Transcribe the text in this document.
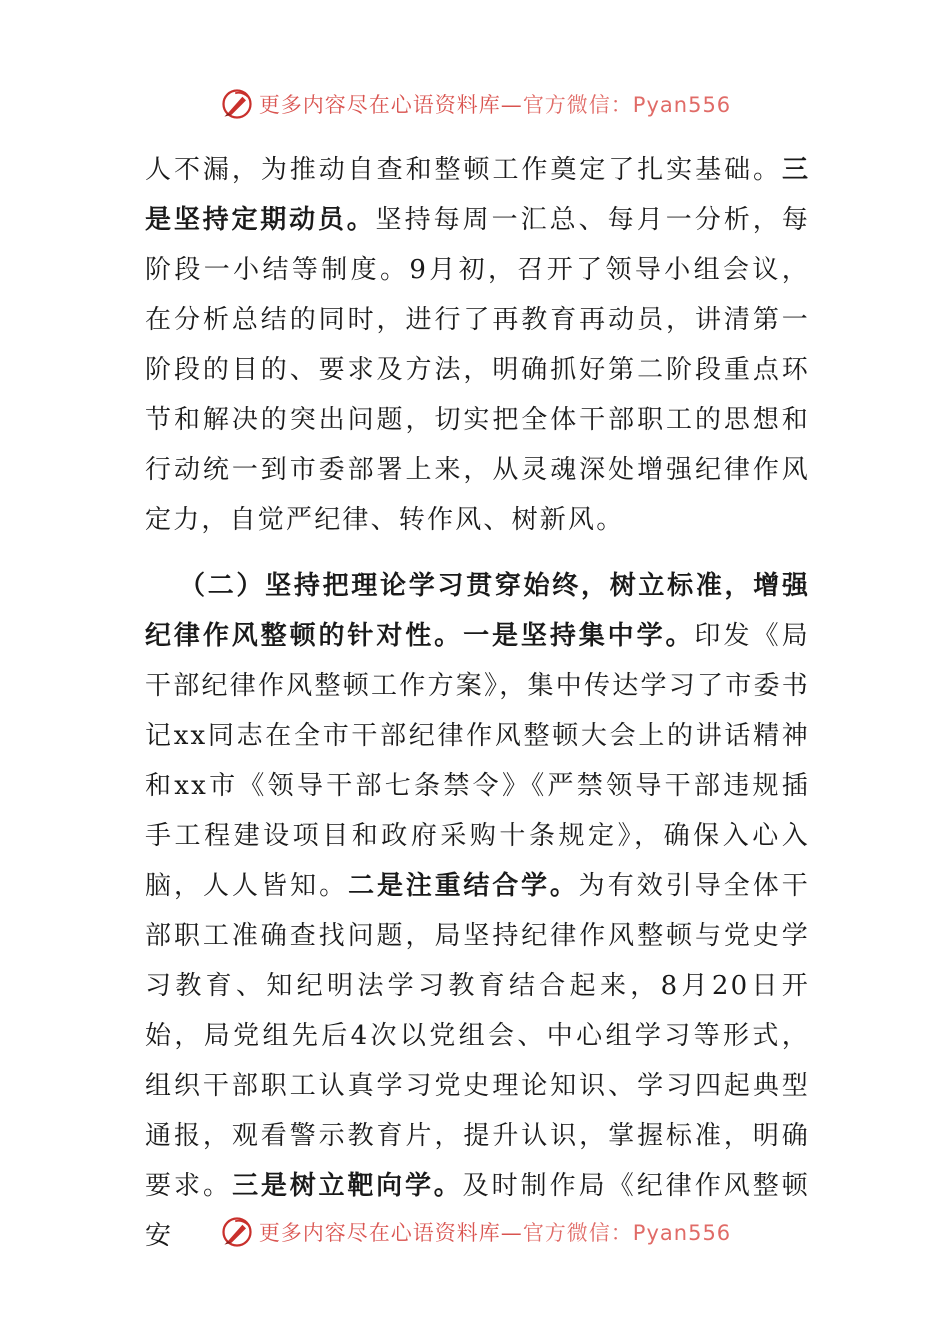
更多内容尽在心语资料库—官方微信：Pyan556

人不漏，为推动自查和整顿工作奠定了扎实基础。三是坚持定期动员。坚持每周一汇总、每月一分析，每阶段一小结等制度。9月初，召开了领导小组会议，在分析总结的同时，进行了再教育再动员，讲清第一阶段的目的、要求及方法，明确抓好第二阶段重点环节和解决的突出问题，切实把全体干部职工的思想和行动统一到市委部署上来，从灵魂深处增强纪律作风定力，自觉严纪律、转作风、树新风。

（二）坚持把理论学习贯穿始终，树立标准，增强纪律作风整顿的针对性。一是坚持集中学。印发《局干部纪律作风整顿工作方案》，集中传达学习了市委书记xx同志在全市干部纪律作风整顿大会上的讲话精神和xx市《领导干部七条禁令》《严禁领导干部违规插手工程建设项目和政府采购十条规定》，确保入心入脑，人人皆知。二是注重结合学。为有效引导全体干部职工准确查找问题，局坚持纪律作风整顿与党史学习教育、知纪明法学习教育结合起来，8月20日开始，局党组先后4次以党组会、中心组学习等形式，组织干部职工认真学习党史理论知识、学习四起典型通报，观看警示教育片，提升认识，掌握标准，明确要求。三是树立靶向学。及时制作局《纪律作风整顿安	更多内容尽在心语资料库—官方微信：Pyan556
